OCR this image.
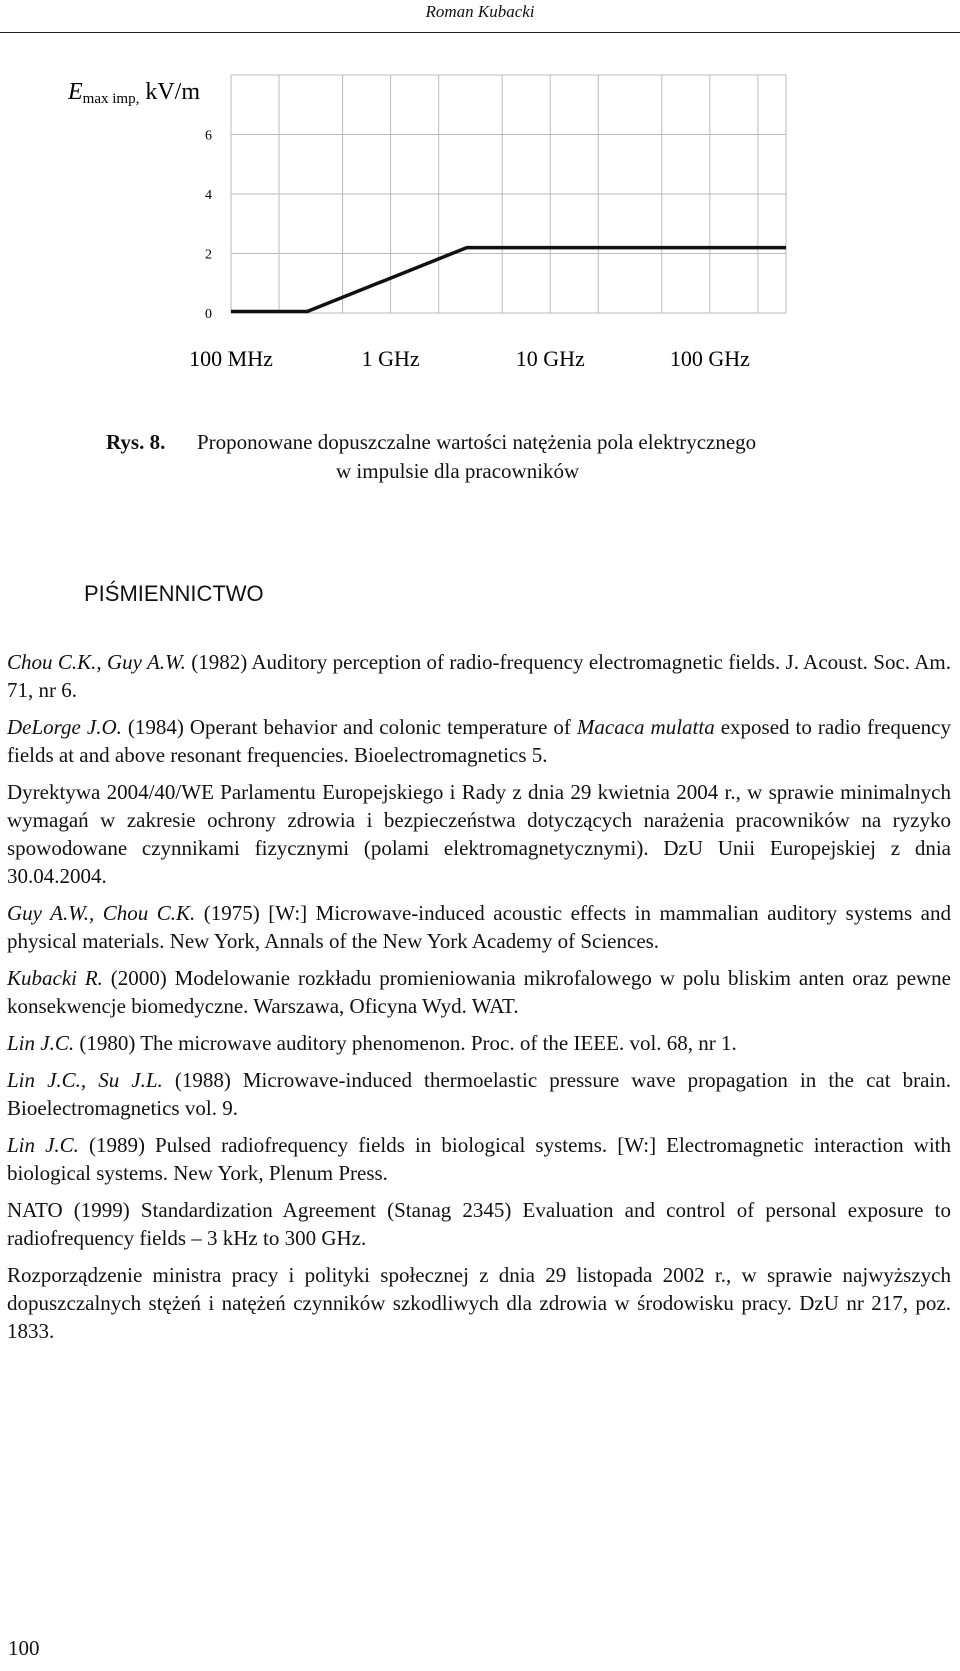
Roman Kubacki
0
2
4
6
100 MHz	1 GHz	10 GHz	100 GHz
Emax imp, kV/m
Rys. 8. Proponowane dopuszczalne wartości natężenia pola elektrycznego
w impulsie dla pracowników
PIŚMIENNICTWO

Chou C.K., Guy A.W. (1982) Auditory perception of radio-frequency electromagnetic fields. J. Acoust. Soc. Am. 71, nr 6.

DeLorge J.O. (1984) Operant behavior and colonic temperature of Macaca mulatta exposed to radio frequency fields at and above resonant frequencies. Bioelectromagnetics 5.

Dyrektywa 2004/40/WE Parlamentu Europejskiego i Rady z dnia 29 kwietnia 2004 r., w sprawie minimalnych wymagań w zakresie ochrony zdrowia i bezpieczeństwa dotyczących narażenia pracowników na ryzyko spowodowane czynnikami fizycznymi (polami elektromagnetycznymi). DzU Unii Europejskiej z dnia 30.04.2004.

Guy A.W., Chou C.K. (1975) [W:] Microwave-induced acoustic effects in mammalian auditory systems and physical materials. New York, Annals of the New York Academy of Sciences.

Kubacki R. (2000) Modelowanie rozkładu promieniowania mikrofalowego w polu bliskim anten oraz pewne konsekwencje biomedyczne. Warszawa, Oficyna Wyd. WAT.

Lin J.C. (1980) The microwave auditory phenomenon. Proc. of the IEEE. vol. 68, nr 1.

Lin J.C., Su J.L. (1988) Microwave-induced thermoelastic pressure wave propagation in the cat brain. Bioelectromagnetics vol. 9.

Lin J.C. (1989) Pulsed radiofrequency fields in biological systems. [W:] Electromagnetic interaction with biological systems. New York, Plenum Press.

NATO (1999) Standardization Agreement (Stanag 2345) Evaluation and control of personal exposure to radiofrequency fields – 3 kHz to 300 GHz.

Rozporządzenie ministra pracy i polityki społecznej z dnia 29 listopada 2002 r., w sprawie najwyższych dopuszczalnych stężeń i natężeń czynników szkodliwych dla zdrowia w środowisku pracy. DzU nr 217, poz. 1833.

100
